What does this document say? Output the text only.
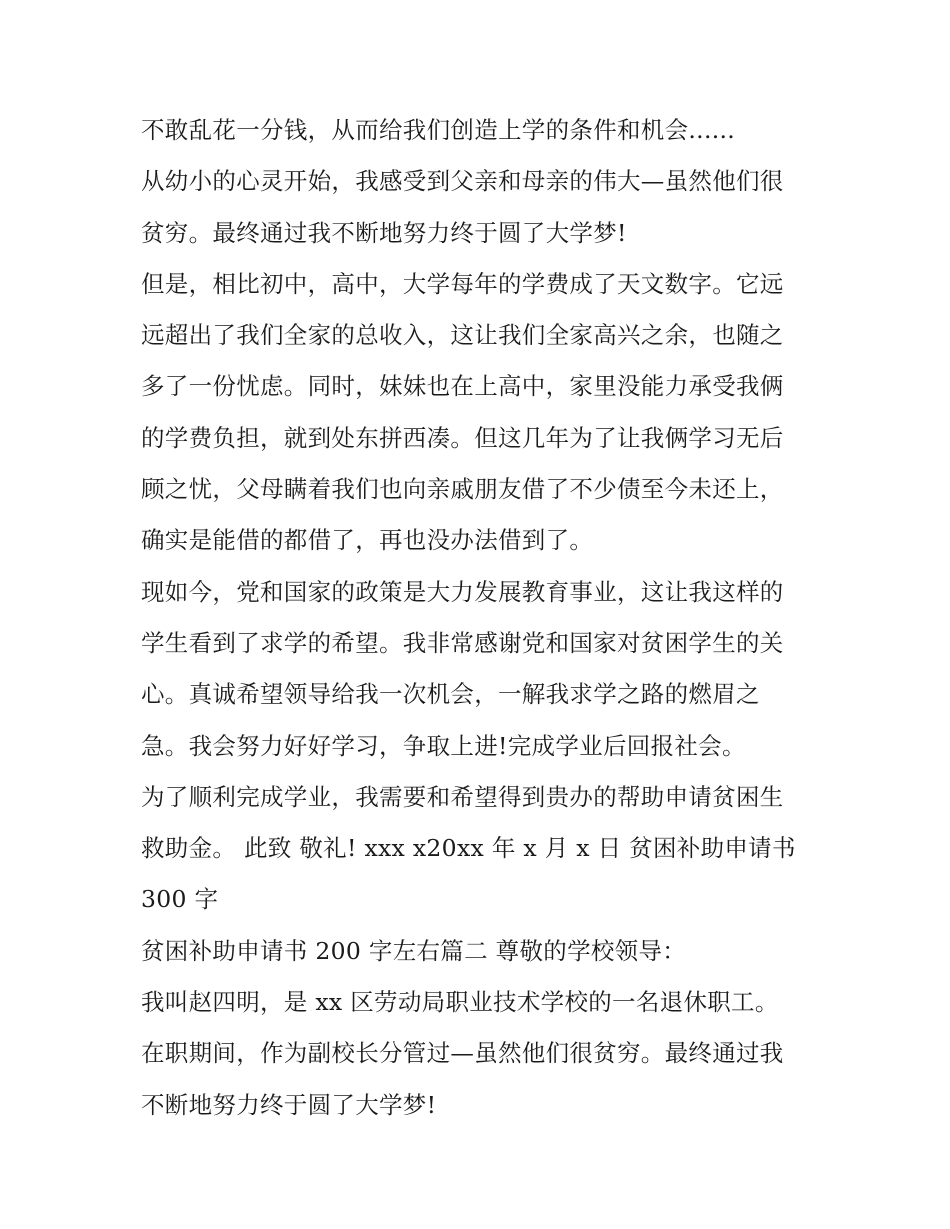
不敢乱花一分钱，从而给我们创造上学的条件和机会......
从幼小的心灵开始，我感受到父亲和母亲的伟大—虽然他们很
贫穷。最终通过我不断地努力终于圆了大学梦!
但是，相比初中，高中，大学每年的学费成了天文数字。它远
远超出了我们全家的总收入，这让我们全家高兴之余，也随之
多了一份忧虑。同时，妹妹也在上高中，家里没能力承受我俩
的学费负担，就到处东拼西凑。但这几年为了让我俩学习无后
顾之忧，父母瞒着我们也向亲戚朋友借了不少债至今未还上，
确实是能借的都借了，再也没办法借到了。
现如今，党和国家的政策是大力发展教育事业，这让我这样的
学生看到了求学的希望。我非常感谢党和国家对贫困学生的关
心。真诚希望领导给我一次机会，一解我求学之路的燃眉之
急。我会努力好好学习，争取上进!完成学业后回报社会。
为了顺利完成学业，我需要和希望得到贵办的帮助申请贫困生
救助金。 此致 敬礼! xxx x20xx 年 x 月 x 日 贫困补助申请书
300 字
贫困补助申请书 200 字左右篇二 尊敬的学校领导：
我叫赵四明，是 xx 区劳动局职业技术学校的一名退休职工。
在职期间，作为副校长分管过—虽然他们很贫穷。最终通过我
不断地努力终于圆了大学梦!
